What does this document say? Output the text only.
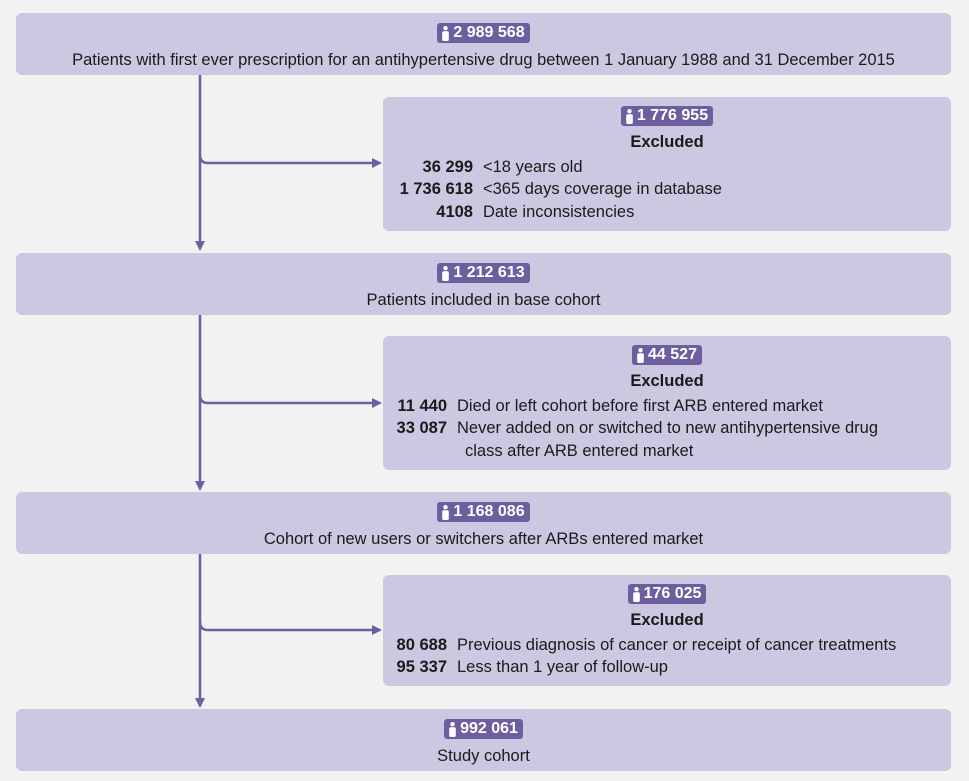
2 989 568
Patients with first ever prescription for an antihypertensive drug between 1 January 1988 and 31 December 2015
1 776 955
Excluded
36 299 <18 years old
1 736 618 <365 days coverage in database
4108 Date inconsistencies
1 212 613
Patients included in base cohort
44 527
Excluded
11 440 Died or left cohort before first ARB entered market
33 087 Never added on or switched to new antihypertensive drug
class after ARB entered market
1 168 086
Cohort of new users or switchers after ARBs entered market
176 025
Excluded
80 688 Previous diagnosis of cancer or receipt of cancer treatments
95 337 Less than 1 year of follow-up
992 061
Study cohort
